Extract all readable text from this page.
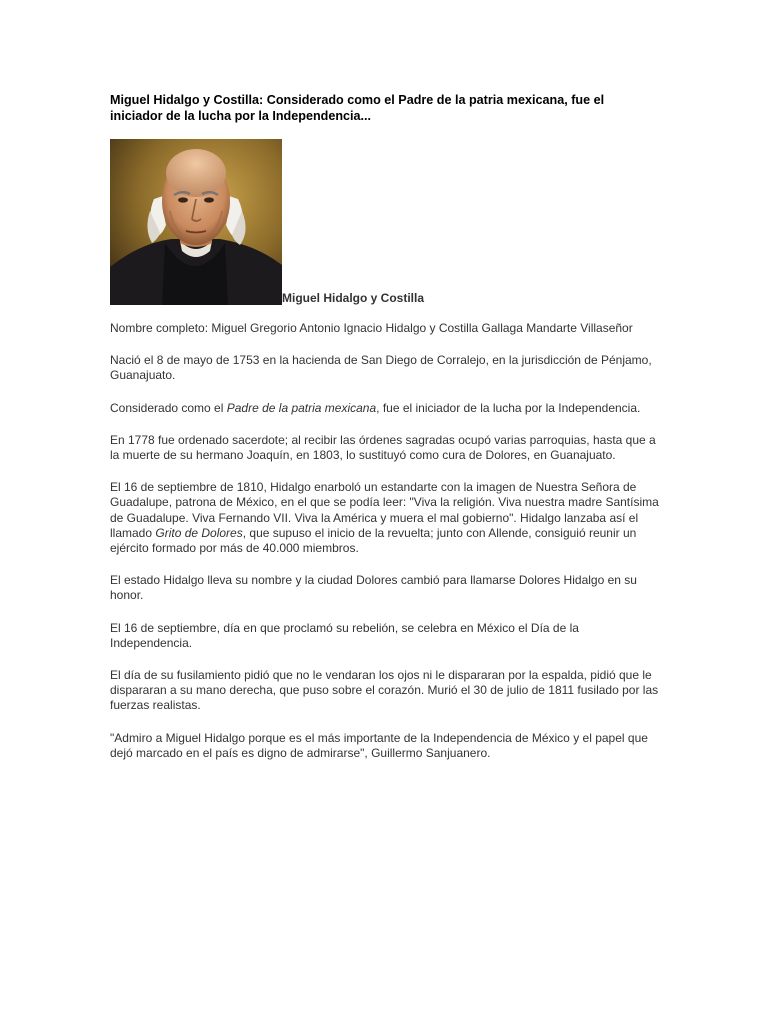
Miguel Hidalgo y Costilla: Considerado como el Padre de la patria mexicana, fue el iniciador de la lucha por la Independencia...

Miguel Hidalgo y Costilla

Nombre completo: Miguel Gregorio Antonio Ignacio Hidalgo y Costilla Gallaga Mandarte Villaseñor

Nació el 8 de mayo de 1753 en la hacienda de San Diego de Corralejo, en la jurisdicción de Pénjamo, Guanajuato.

Considerado como el Padre de la patria mexicana, fue el iniciador de la lucha por la Independencia.

En 1778 fue ordenado sacerdote; al recibir las órdenes sagradas ocupó varias parroquias, hasta que a la muerte de su hermano Joaquín, en 1803, lo sustituyó como cura de Dolores, en Guanajuato.

El 16 de septiembre de 1810, Hidalgo enarboló un estandarte con la imagen de Nuestra Señora de Guadalupe, patrona de México, en el que se podía leer: "Viva la religión. Viva nuestra madre Santísima de Guadalupe. Viva Fernando VII. Viva la América y muera el mal gobierno". Hidalgo lanzaba así el llamado Grito de Dolores, que supuso el inicio de la revuelta; junto con Allende, consiguió reunir un ejército formado por más de 40.000 miembros.

El estado Hidalgo lleva su nombre y la ciudad Dolores cambió para llamarse Dolores Hidalgo en su honor.

El 16 de septiembre, día en que proclamó su rebelión, se celebra en México el Día de la Independencia.

El día de su fusilamiento pidió que no le vendaran los ojos ni le dispararan por la espalda, pidió que le dispararan a su mano derecha, que puso sobre el corazón. Murió el 30 de julio de 1811 fusilado por las fuerzas realistas.

"Admiro a Miguel Hidalgo porque es el más importante de la Independencia de México y el papel que dejó marcado en el país es digno de admirarse", Guillermo Sanjuanero.
